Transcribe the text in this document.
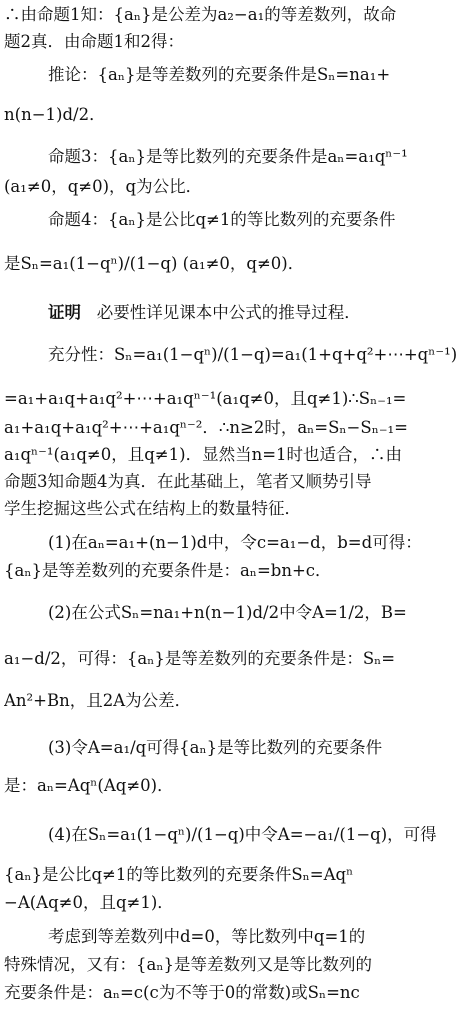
∴由命题1知：{aₙ}是公差为a₂−a₁的等差数列，故命
题2真．由命题1和2得：
推论：{aₙ}是等差数列的充要条件是Sₙ=na₁+
n(n−1)d/2．
命题3：{aₙ}是等比数列的充要条件是aₙ=a₁qⁿ⁻¹
(a₁≠0，q≠0)，q为公比．
命题4：{aₙ}是公比q≠1的等比数列的充要条件
是Sₙ=a₁(1−qⁿ)/(1−q) (a₁≠0，q≠0)．
证明 必要性详见课本中公式的推导过程．
充分性：Sₙ=a₁(1−qⁿ)/(1−q)=a₁(1+q+q²+⋯+qⁿ⁻¹)
=a₁+a₁q+a₁q²+⋯+a₁qⁿ⁻¹(a₁q≠0，且q≠1)∴Sₙ₋₁=
a₁+a₁q+a₁q²+⋯+a₁qⁿ⁻²．∴n≥2时，aₙ=Sₙ−Sₙ₋₁=
a₁qⁿ⁻¹(a₁q≠0，且q≠1)．显然当n=1时也适合，∴由
命题3知命题4为真．在此基础上，笔者又顺势引导
学生挖掘这些公式在结构上的数量特征．
(1)在aₙ=a₁+(n−1)d中，令c=a₁−d，b=d可得：
{aₙ}是等差数列的充要条件是：aₙ=bn+c．
(2)在公式Sₙ=na₁+n(n−1)d/2中令A=1/2，B=
a₁−d/2，可得：{aₙ}是等差数列的充要条件是：Sₙ=
An²+Bn，且2A为公差．
(3)令A=a₁/q可得{aₙ}是等比数列的充要条件
是：aₙ=Aqⁿ(Aq≠0)．
(4)在Sₙ=a₁(1−qⁿ)/(1−q)中令A=−a₁/(1−q)，可得
{aₙ}是公比q≠1的等比数列的充要条件Sₙ=Aqⁿ
−A(Aq≠0，且q≠1)．
考虑到等差数列中d=0，等比数列中q=1的
特殊情况，又有：{aₙ}是等差数列又是等比数列的
充要条件是：aₙ=c(c为不等于0的常数)或Sₙ=nc
